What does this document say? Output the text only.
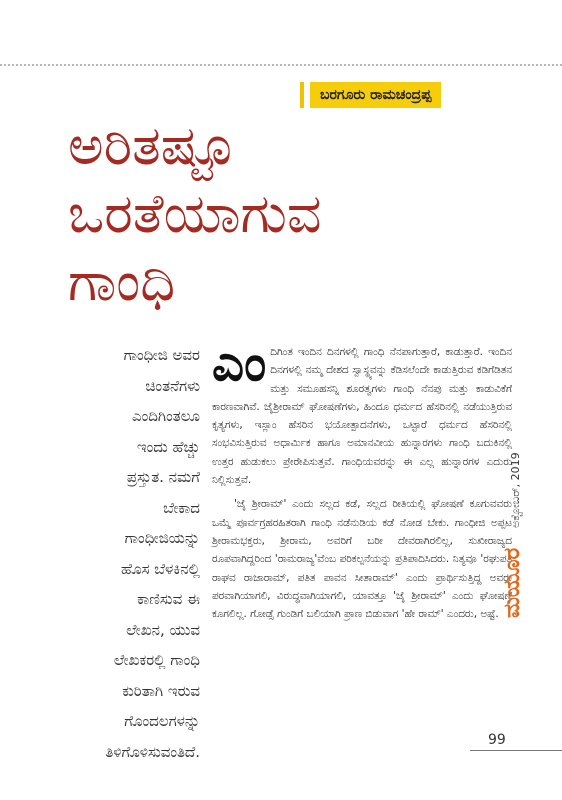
ಬರಗೂರು ರಾಮಚಂದ್ರಪ್ಪ
ಅರಿತಷ್ಟೂ
ಒರತೆಯಾಗುವ
ಗಾಂಧಿ
ಗಾಂಧೀಜಿ ಅವರ
ಚಿಂತನೆಗಳು
ಎಂದಿಗಿಂತಲೂ
ಇಂದು ಹೆಚ್ಚು
ಪ್ರಸ್ತುತ. ನಮಗೆ
ಬೇಕಾದ
ಗಾಂಧೀಜಿಯನ್ನು
ಹೊಸ ಬೆಳಕಿನಲ್ಲಿ
ಕಾಣಿಸುವ ಈ
ಲೇಖನ, ಯುವ
ಲೇಖಕರಲ್ಲಿ ಗಾಂಧಿ
ಕುರಿತಾಗಿ ಇರುವ
ಗೊಂದಲಗಳನ್ನು
ತಿಳಿಗೊಳಿಸುವಂತಿದೆ.

ಎಂದಿಗಿಂತ ಇಂದಿನ ದಿನಗಳಲ್ಲಿ ಗಾಂಧಿ ನೆನಪಾಗುತ್ತಾರೆ, ಕಾಡುತ್ತಾರೆ. ಇಂದಿನ ದಿನಗಳಲ್ಲಿ ನಮ್ಮ ದೇಶದ ಸ್ವಾಸ್ಥ್ಯವನ್ನು ಕೆಡಿಸಲೆಂದೇ ಕಾಡುತ್ತಿರುವ ಕಡಿಗೆಡಿತನ ಮತ್ತು ಸಮೂಹಸನ್ನಿ ಶೂರತ್ವಗಳು ಗಾಂಧಿ ನೆನಪು ಮತ್ತು ಕಾಡುವಿಕೆಗೆ ಕಾರಣವಾಗಿವೆ. ಜೈಶ್ರೀರಾಮ್ ಘೋಷಣೆಗಳು, ಹಿಂದೂ ಧರ್ಮದ ಹೆಸರಿನಲ್ಲಿ ನಡೆಯುತ್ತಿರುವ ಕೃತ್ಯಗಳು, ಇಸ್ಲಾಂ ಹೆಸರಿನ ಭಯೋತ್ಪಾದನೆಗಳು, ಒಟ್ಟಾರೆ ಧರ್ಮದ ಹೆಸರಿನಲ್ಲಿ ಸಂಭವಿಸುತ್ತಿರುವ ಅಧಾರ್ಮಿಕ ಹಾಗೂ ಅಮಾನವೀಯ ಹುನ್ನಾರಗಳು ಗಾಂಧಿ ಬದುಕಿನಲ್ಲಿ ಉತ್ತರ ಹುಡುಕಲು ಪ್ರೇರೇಪಿಸುತ್ತವೆ. ಗಾಂಧಿಯವರನ್ನು ಈ ಎಲ್ಲ ಹುನ್ನಾರಗಳ ಎದುರು ನಿಲ್ಲಿಸುತ್ತವೆ.

'ಜೈ ಶ್ರೀರಾಮ್' ಎಂದು ಸಲ್ಲದ ಕಡೆ, ಸಲ್ಲದ ರೀತಿಯಲ್ಲಿ ಘೋಷಣೆ ಕೂಗುವವರು ಒಮ್ಮೆ ಪೂರ್ವಗ್ರಹರಹಿತರಾಗಿ ಗಾಂಧಿ ನಡೆನುಡಿಯ ಕಡೆ ನೋಡ ಬೇಕು. ಗಾಂಧೀಜಿ ಅಪ್ಪಟ ಶ್ರೀರಾಮಭಕ್ತರು, ಶ್ರೀರಾಮ, ಅವರಿಗೆ ಬರೀ ದೇವರಾಗಿರಲಿಲ್ಲ, ಸುಖೀರಾಜ್ಯದ ರೂಪವಾಗಿದ್ದರಿಂದ 'ರಾಮರಾಜ್ಯ'ವೆಂಬ ಪರಿಕಲ್ಪನೆಯನ್ನು ಪ್ರತಿಪಾದಿಸಿದರು. ನಿತ್ಯವೂ 'ರಘುಪತಿ ರಾಘವ ರಾಜಾರಾಮ್, ಪತಿತ ಪಾವನ ಸೀತಾರಾಮ್' ಎಂದು ಪ್ರಾರ್ಥಿಸುತ್ತಿದ್ದ ಅವರು ಪರವಾಗಿಯಾಗಲಿ, ವಿರುದ್ಧವಾಗಿಯಾಗಲಿ, ಯಾವತ್ತೂ 'ಜೈ ಶ್ರೀರಾಮ್' ಎಂದು ಘೋಷಣೆ ಕೂಗಲಿಲ್ಲ. ಗೋಡ್ಸೆ ಗುಂಡಿಗೆ ಬಲಿಯಾಗಿ ಪ್ರಾಣ ಬಿಡುವಾಗ 'ಹೇ ರಾಮ್' ಎಂದರು, ಅಷ್ಟೆ. ಮಯೂರ
ಅಕ್ಟೋಬರ್, 2019
99
